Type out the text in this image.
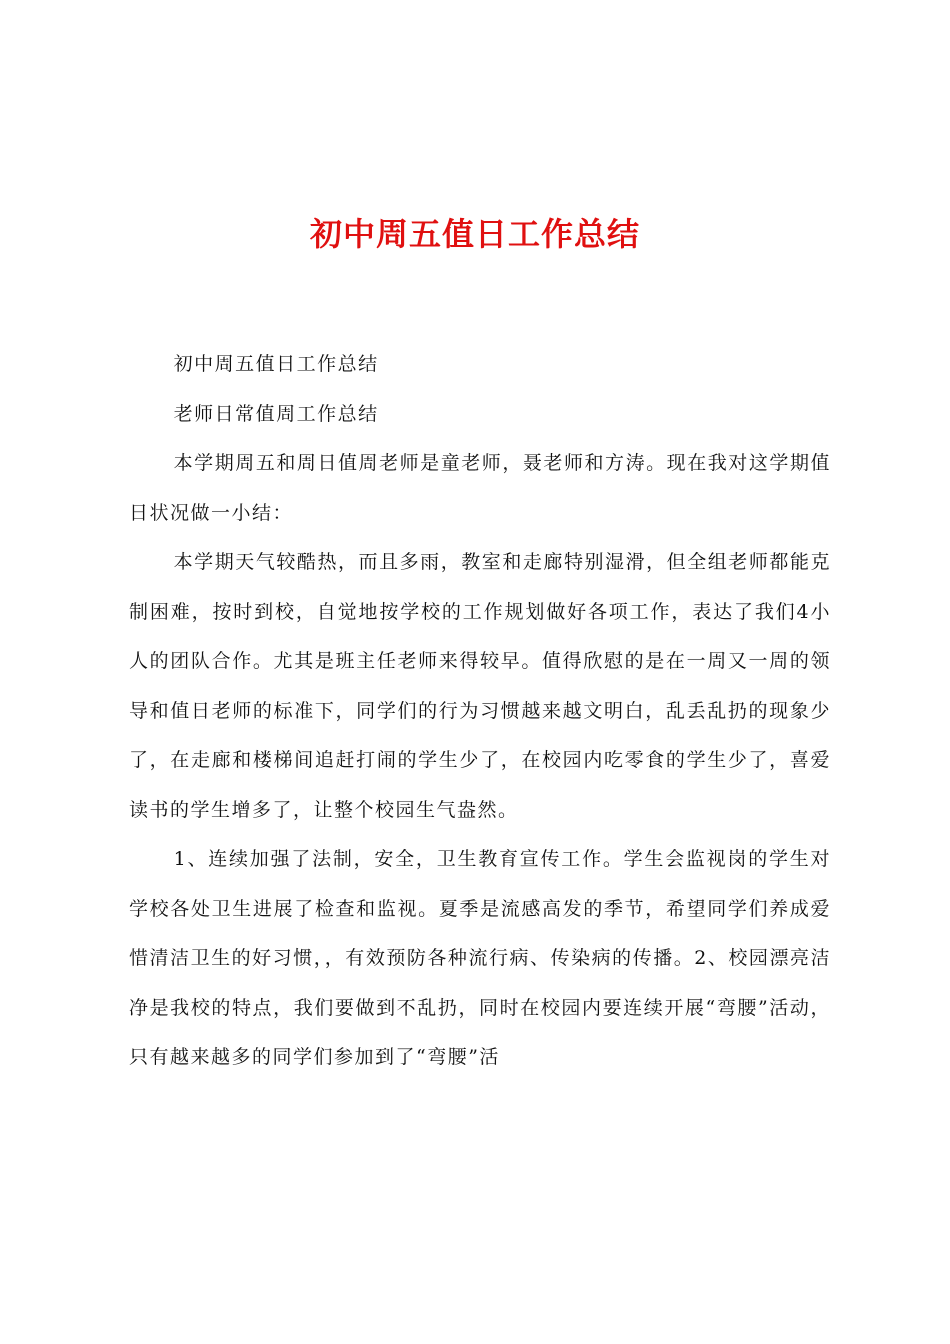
初中周五值日工作总结

初中周五值日工作总结

老师日常值周工作总结

本学期周五和周日值周老师是童老师，聂老师和方涛。现在我对这学期值日状况做一小结：

本学期天气较酷热，而且多雨，教室和走廊特别湿滑，但全组老师都能克制困难，按时到校，自觉地按学校的工作规划做好各项工作，表达了我们4小人的团队合作。尤其是班主任老师来得较早。值得欣慰的是在一周又一周的领导和值日老师的标准下，同学们的行为习惯越来越文明白，乱丢乱扔的现象少了，在走廊和楼梯间追赶打闹的学生少了，在校园内吃零食的学生少了，喜爱读书的学生增多了，让整个校园生气盎然。

1、连续加强了法制，安全，卫生教育宣传工作。学生会监视岗的学生对学校各处卫生进展了检查和监视。夏季是流感高发的季节，希望同学们养成爱惜清洁卫生的好习惯，，有效预防各种流行病、传染病的传播。2、校园漂亮洁净是我校的特点，我们要做到不乱扔，同时在校园内要连续开展“弯腰”活动，只有越来越多的同学们参加到了“弯腰”活
